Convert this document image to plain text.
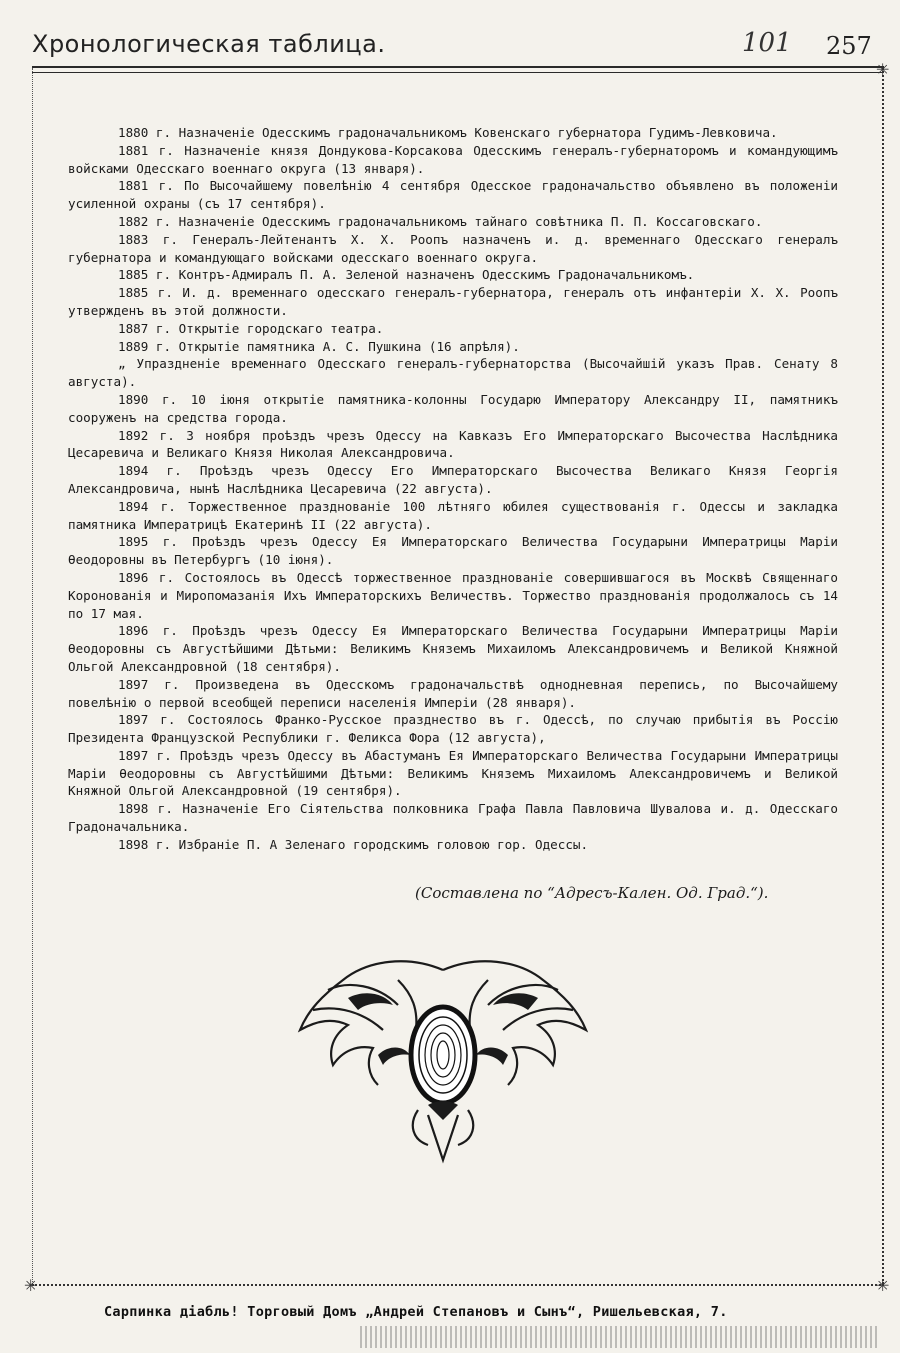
Хронологическая таблица.	101 257
✳
✳	✳

1880 г. Назначеніе Одесскимъ градоначальникомъ Ковенскаго губернатора Гудимъ-Левковича.

1881 г. Назначеніе князя Дондукова-Корсакова Одесскимъ генералъ-губернаторомъ и командующимъ войсками Одесскаго военнаго округа (13 января).

1881 г. По Высочайшему повелѣнію 4 сентября Одесское градоначальство объявлено въ положеніи усиленной охраны (съ 17 сентября).

1882 г. Назначеніе Одесскимъ градоначальникомъ тайнаго совѣтника П. П. Коссаговскаго.

1883 г. Генералъ-Лейтенантъ Х. Х. Роопъ назначенъ и. д. временнаго Одесскаго генералъ губернатора и командующаго войсками одесскаго военнаго округа.

1885 г. Контръ-Адмиралъ П. А. Зеленой назначенъ Одесскимъ Градоначальникомъ.

1885 г. И. д. временнаго одесскаго генералъ-губернатора, генералъ отъ инфантеріи Х. Х. Роопъ утвержденъ въ этой должности.

1887 г. Открытіе городскаго театра.

1889 г. Открытіе памятника А. С. Пушкина (16 апрѣля).

„ Упраздненіе временнаго Одесскаго генералъ-губернаторства (Высочайшій указъ Прав. Сенату 8 августа).

1890 г. 10 іюня открытіе памятника-колонны Государю Императору Александру II, памятникъ сооруженъ на средства города.

1892 г. 3 ноября проѣздъ чрезъ Одессу на Кавказъ Его Императорскаго Высочества Наслѣдника Цесаревича и Великаго Князя Николая Александровича.

1894 г. Проѣздъ чрезъ Одессу Его Императорскаго Высочества Великаго Князя Георгія Александровича, нынѣ Наслѣдника Цесаревича (22 августа).

1894 г. Торжественное празднованіе 100 лѣтняго юбилея существованія г. Одессы и закладка памятника Императрицѣ Екатеринѣ II (22 августа).

1895 г. Проѣздъ чрезъ Одессу Ея Императорскаго Величества Государыни Императрицы Маріи Ѳеодоровны въ Петербургъ (10 іюня).

1896 г. Состоялось въ Одессѣ торжественное празднованіе совершившагося въ Москвѣ Священнаго Коронованія и Миропомазанія Ихъ Императорскихъ Величествъ. Торжество празднованія продолжалось съ 14 по 17 мая.

1896 г. Проѣздъ чрезъ Одессу Ея Императорскаго Величества Государыни Императрицы Маріи Ѳеодоровны съ Августѣйшими Дѣтьми: Великимъ Княземъ Михаиломъ Александровичемъ и Великой Княжной Ольгой Александровной (18 сентября).

1897 г. Произведена въ Одесскомъ градоначальствѣ однодневная перепись, по Высочайшему повелѣнію о первой всеобщей переписи населенія Имперіи (28 января).

1897 г. Состоялось Франко-Русское празднество въ г. Одессѣ, по случаю прибытія въ Россію Президента Французской Республики г. Феликса Фора (12 августа),

1897 г. Проѣздъ чрезъ Одессу въ Абастуманъ Ея Императорскаго Величества Государыни Императрицы Маріи Ѳеодоровны съ Августѣйшими Дѣтьми: Великимъ Княземъ Михаиломъ Александровичемъ и Великой Княжной Ольгой Александровной (19 сентября).

1898 г. Назначеніе Его Сіятельства полковника Графа Павла Павловича Шувалова и. д. Одесскаго Градоначальника.

1898 г. Избраніе П. А Зеленаго городскимъ головою гор. Одессы.

(Составлена по “Адресъ-Кален. Од. Град.“).
Сарпинка діабль! Торговый Домъ „Андрей Степановъ и Сынъ“, Ришельевская, 7.
